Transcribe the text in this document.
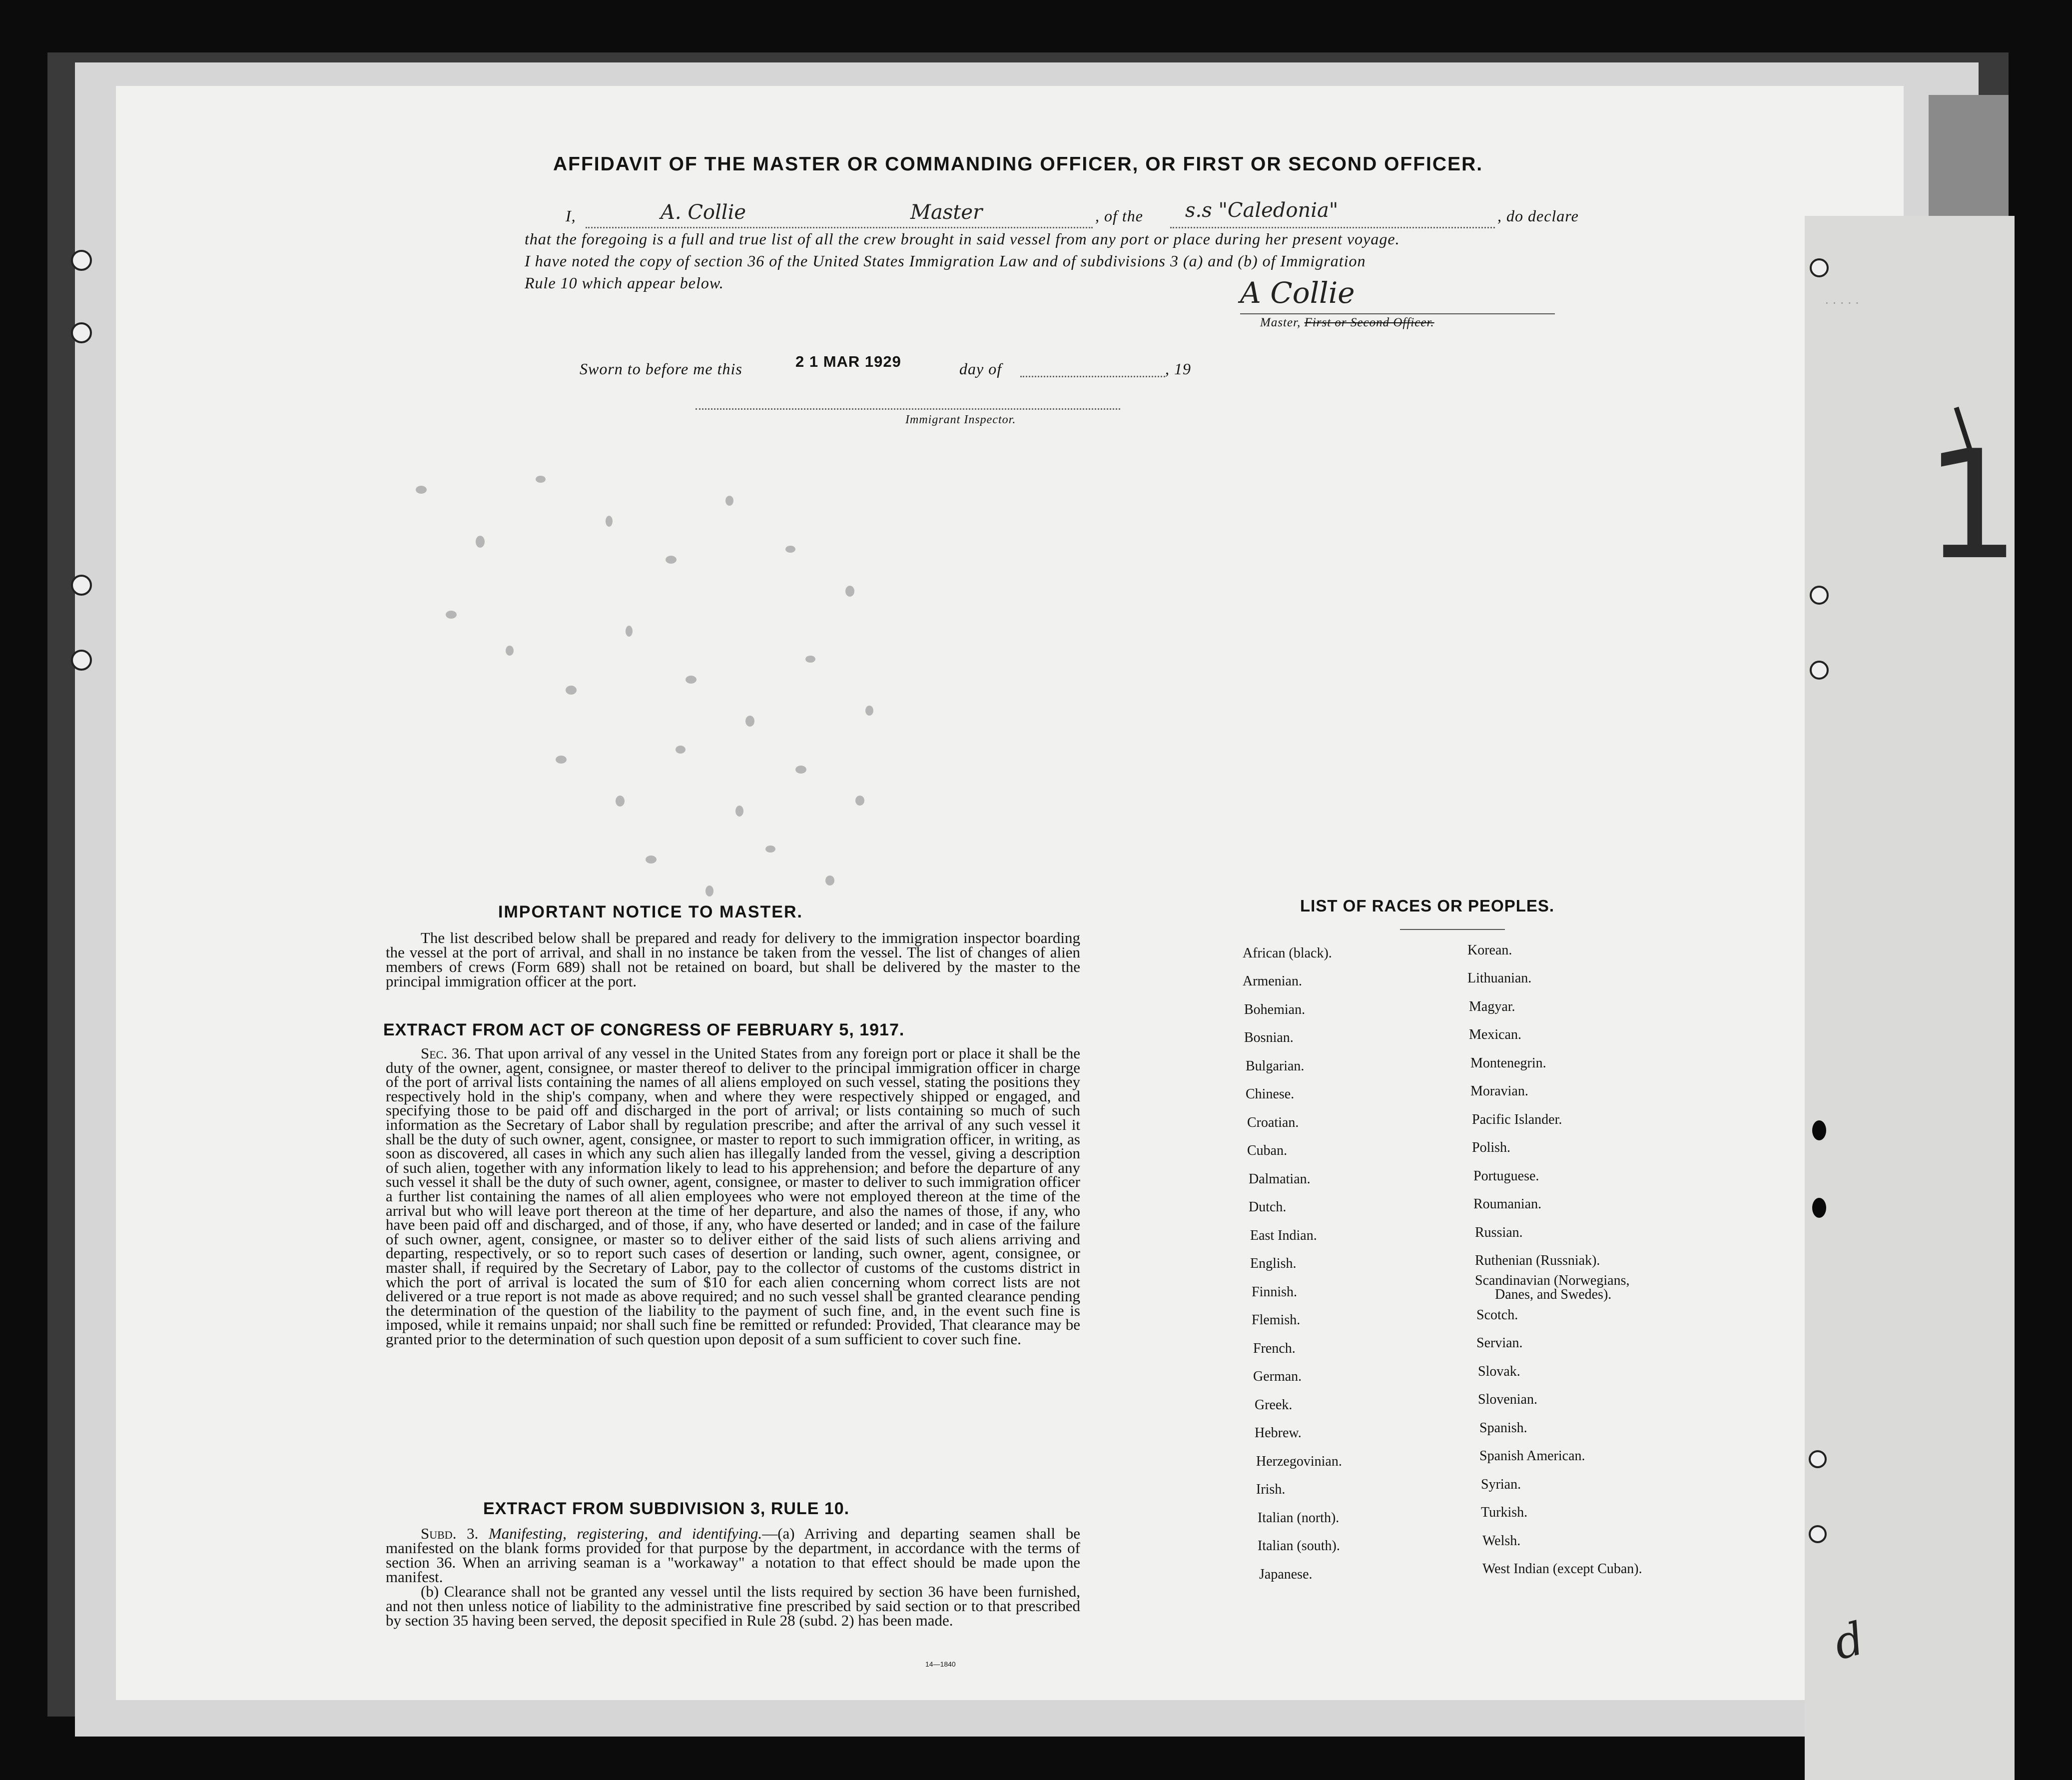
· · · · ·
1
AFFIDAVIT OF THE MASTER OR COMMANDING OFFICER, OR FIRST OR SECOND OFFICER.
I,	A. Collie	Master	, of the s.s "Caledonia"	, do declare
that the foregoing is a full and true list of all the crew brought in said vessel from any port or place during her present voyage.
I have noted the copy of section 36 of the United States Immigration Law and of subdivisions 3 (a) and (b) of Immigration
Rule 10 which appear below.	A Collie
Master, First or Second Officer.
Sworn to before me this	2 1 MAR 1929	day of	, 19
Immigrant Inspector.
IMPORTANT NOTICE TO MASTER.
The list described below shall be prepared and ready for delivery to the immigration inspector boarding the vessel at the port of arrival, and shall in no instance be taken from the vessel. The list of changes of alien members of crews (Form 689) shall not be retained on board, but shall be delivered by the master to the principal immigration officer at the port.
EXTRACT FROM ACT OF CONGRESS OF FEBRUARY 5, 1917.
Sec. 36. That upon arrival of any vessel in the United States from any foreign port or place it shall be the duty of the owner, agent, consignee, or master thereof to deliver to the principal immigration officer in charge of the port of arrival lists containing the names of all aliens employed on such vessel, stating the positions they respectively hold in the ship's company, when and where they were respectively shipped or engaged, and specifying those to be paid off and discharged in the port of arrival; or lists containing so much of such information as the Secretary of Labor shall by regulation prescribe; and after the arrival of any such vessel it shall be the duty of such owner, agent, consignee, or master to report to such immigration officer, in writing, as soon as discovered, all cases in which any such alien has illegally landed from the vessel, giving a description of such alien, together with any information likely to lead to his apprehension; and before the departure of any such vessel it shall be the duty of such owner, agent, consignee, or master to deliver to such immigration officer a further list containing the names of all alien employees who were not employed thereon at the time of the arrival but who will leave port thereon at the time of her departure, and also the names of those, if any, who have been paid off and discharged, and of those, if any, who have deserted or landed; and in case of the failure of such owner, agent, consignee, or master so to deliver either of the said lists of such aliens arriving and departing, respectively, or so to report such cases of desertion or landing, such owner, agent, consignee, or master shall, if required by the Secretary of Labor, pay to the collector of customs of the customs district in which the port of arrival is located the sum of $10 for each alien concerning whom correct lists are not delivered or a true report is not made as above required; and no such vessel shall be granted clearance pending the determination of the question of the liability to the payment of such fine, and, in the event such fine is imposed, while it remains unpaid; nor shall such fine be remitted or refunded: Provided, That clearance may be granted prior to the determination of such question upon deposit of a sum sufficient to cover such fine.
EXTRACT FROM SUBDIVISION 3, RULE 10.
Subd. 3. Manifesting, registering, and identifying.—(a) Arriving and departing seamen shall be manifested on the blank forms provided for that purpose by the department, in accordance with the terms of section 36. When an arriving seaman is a "workaway" a notation to that effect should be made upon the manifest.
(b) Clearance shall not be granted any vessel until the lists required by section 36 have been furnished, and not then unless notice of liability to the administrative fine prescribed by said section or to that prescribed by section 35 having been served, the deposit specified in Rule 28 (subd. 2) has been made.
14—1840
LIST OF RACES OR PEOPLES.
African (black).
Armenian.
Bohemian.
Bosnian.
Bulgarian.
Chinese.
Croatian.
Cuban.
Dalmatian.
Dutch.
East Indian.
English.
Finnish.
Flemish.
French.
German.
Greek.
Hebrew.
Herzegovinian.
Irish.
Italian (north).
Italian (south).
Japanese.
Korean.
Lithuanian.
Magyar.
Mexican.
Montenegrin.
Moravian.
Pacific Islander.
Polish.
Portuguese.
Roumanian.
Russian.
Ruthenian (Russniak).
Scandinavian (Norwegians,
Danes, and Swedes).
Scotch.
Servian.
Slovak.
Slovenian.
Spanish.
Spanish American.
Syrian.
Turkish.
Welsh.
West Indian (except Cuban).
d
